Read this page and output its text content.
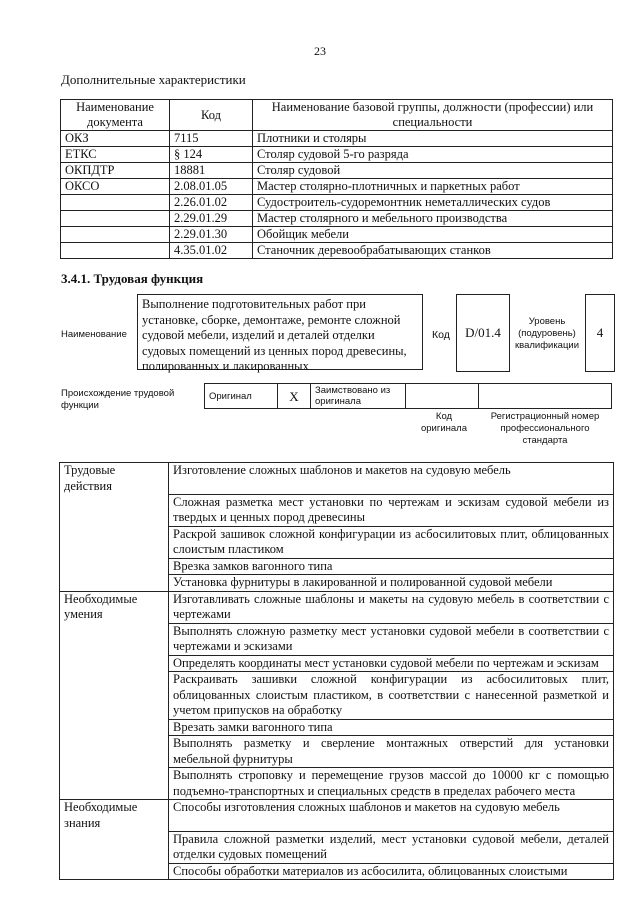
23
Дополнительные характеристики
Наименование документа	Код	Наименование базовой группы, должности (профессии) или специальности
ОКЗ	7115	Плотники и столяры
ЕТКС	§ 124	Столяр судовой 5-го разряда
ОКПДТР	18881	Столяр судовой
ОКСО	2.08.01.05	Мастер столярно-плотничных и паркетных работ
	2.26.01.02	Судостроитель-судоремонтник неметаллических судов
	2.29.01.29	Мастер столярного и мебельного производства
	2.29.01.30	Обойщик мебели
	4.35.01.02	Станочник деревообрабатывающих станков
3.4.1. Трудовая функция
Наименование
Выполнение подготовительных работ при установке, сборке, демонтаже, ремонте сложной судовой мебели, изделий и деталей отделки судовых помещений из ценных пород древесины, полированных и лакированных
Код	D/01.4
Уровень (подуровень) квалификации
4
Происхождение трудовой функции
Оригинал	X	Заимствовано из оригинала		
Код оригинала
Регистрационный номер профессионального стандарта
Трудовые действия	Изготовление сложных шаблонов и макетов на судовую мебель
	Сложная разметка мест установки по чертежам и эскизам судовой мебели из твердых и ценных пород древесины
	Раскрой зашивок сложной конфигурации из асбосилитовых плит, облицованных слоистым пластиком
	Врезка замков вагонного типа
	Установка фурнитуры в лакированной и полированной судовой мебели
Необходимые умения	Изготавливать сложные шаблоны и макеты на судовую мебель в соответствии с чертежами
	Выполнять сложную разметку мест установки судовой мебели в соответствии с чертежами и эскизами
	Определять координаты мест установки судовой мебели по чертежам и эскизам
	Раскраивать зашивки сложной конфигурации из асбосилитовых плит, облицованных слоистым пластиком, в соответствии с нанесенной разметкой и учетом припусков на обработку
	Врезать замки вагонного типа
	Выполнять разметку и сверление монтажных отверстий для установки мебельной фурнитуры
	Выполнять строповку и перемещение грузов массой до 10000 кг с помощью подъемно-транспортных и специальных средств в пределах рабочего места
Необходимые знания	Способы изготовления сложных шаблонов и макетов на судовую мебель
	Правила сложной разметки изделий, мест установки судовой мебели, деталей отделки судовых помещений
	Способы обработки материалов из асбосилита, облицованных слоистыми
